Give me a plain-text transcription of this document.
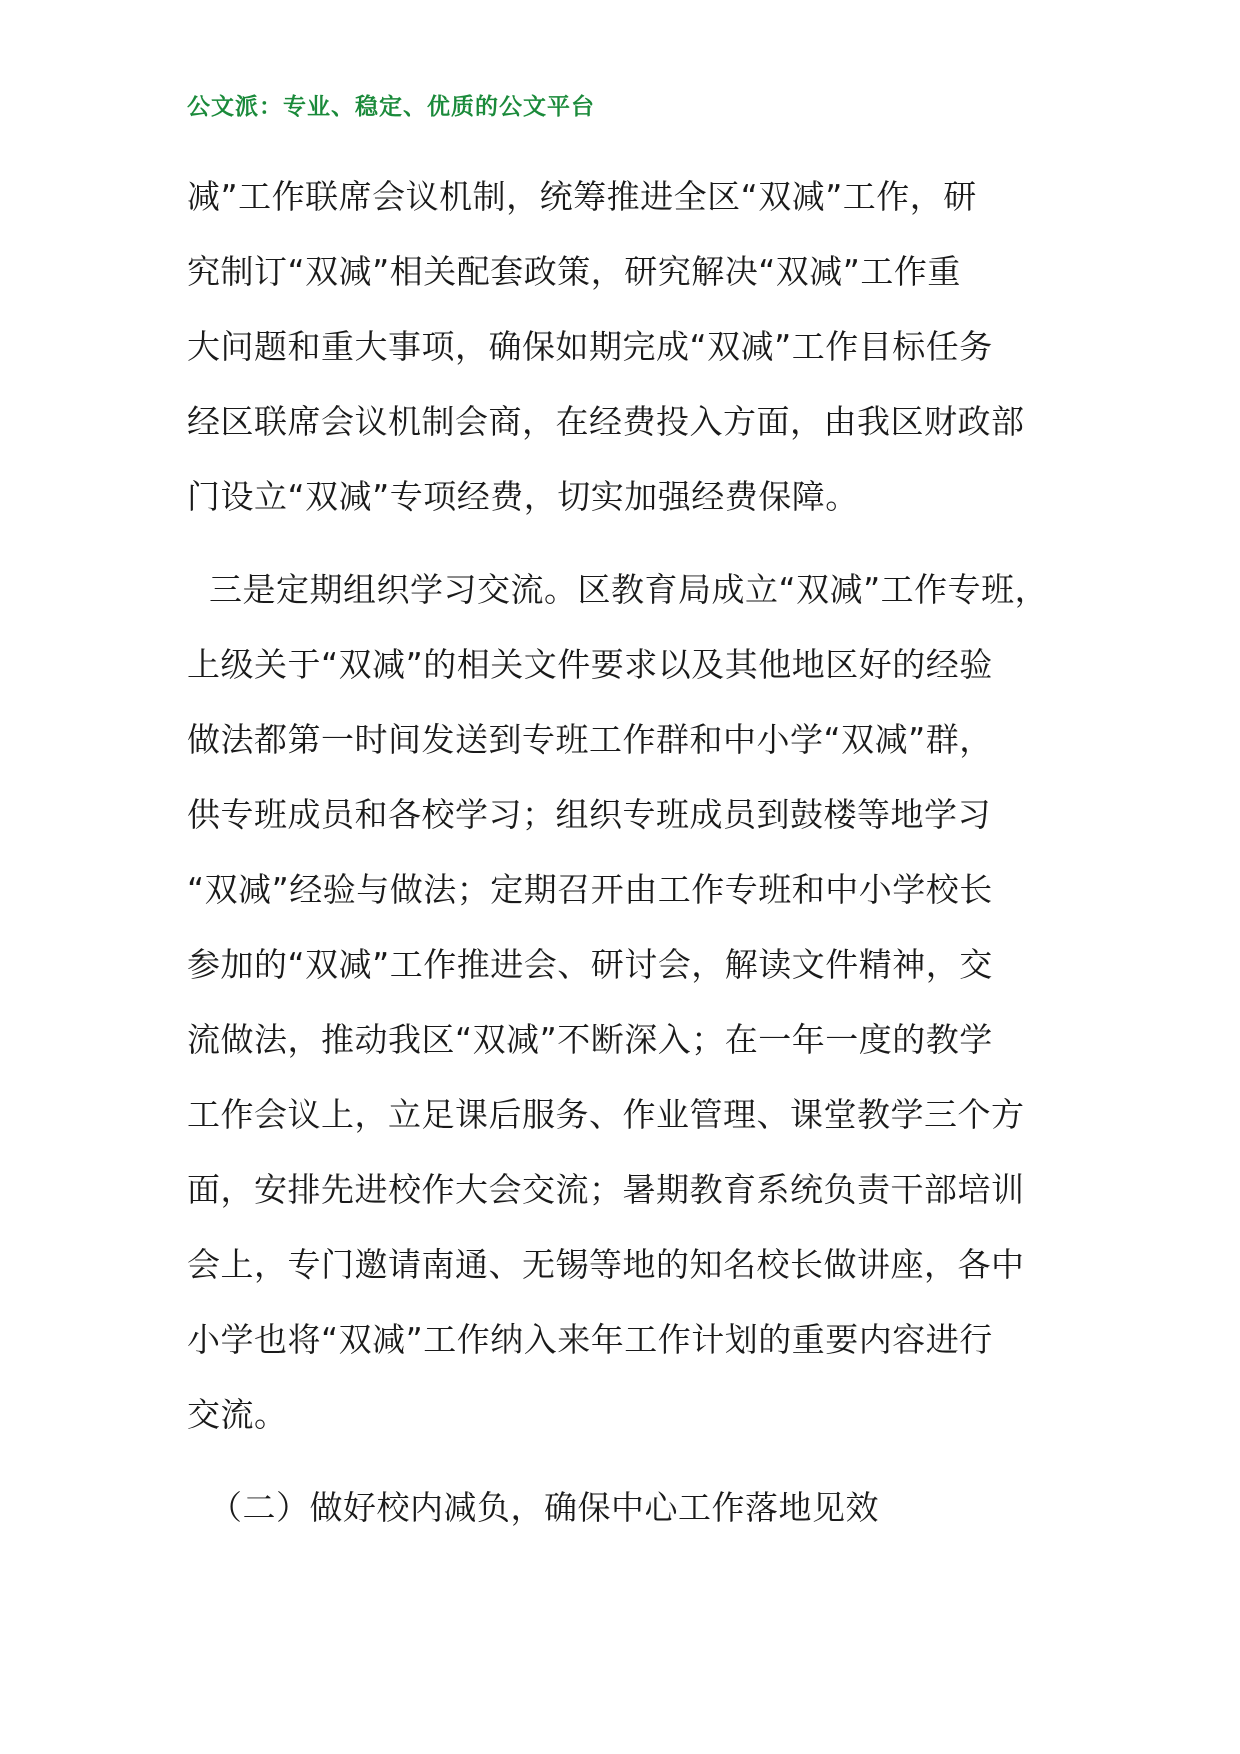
公文派：专业、稳定、优质的公文平台
减”工作联席会议机制，统筹推进全区“双减”工作，研
究制订“双减”相关配套政策，研究解决“双减”工作重
大问题和重大事项，确保如期完成“双减”工作目标任务
经区联席会议机制会商，在经费投入方面，由我区财政部
门设立“双减”专项经费，切实加强经费保障。
三是定期组织学习交流。区教育局成立“双减”工作专班，
上级关于“双减”的相关文件要求以及其他地区好的经验
做法都第一时间发送到专班工作群和中小学“双减”群，
供专班成员和各校学习；组织专班成员到鼓楼等地学习
“双减”经验与做法；定期召开由工作专班和中小学校长
参加的“双减”工作推进会、研讨会，解读文件精神，交
流做法，推动我区“双减”不断深入；在一年一度的教学
工作会议上，立足课后服务、作业管理、课堂教学三个方
面，安排先进校作大会交流；暑期教育系统负责干部培训
会上，专门邀请南通、无锡等地的知名校长做讲座，各中
小学也将“双减”工作纳入来年工作计划的重要内容进行
交流。
（二）做好校内减负，确保中心工作落地见效
